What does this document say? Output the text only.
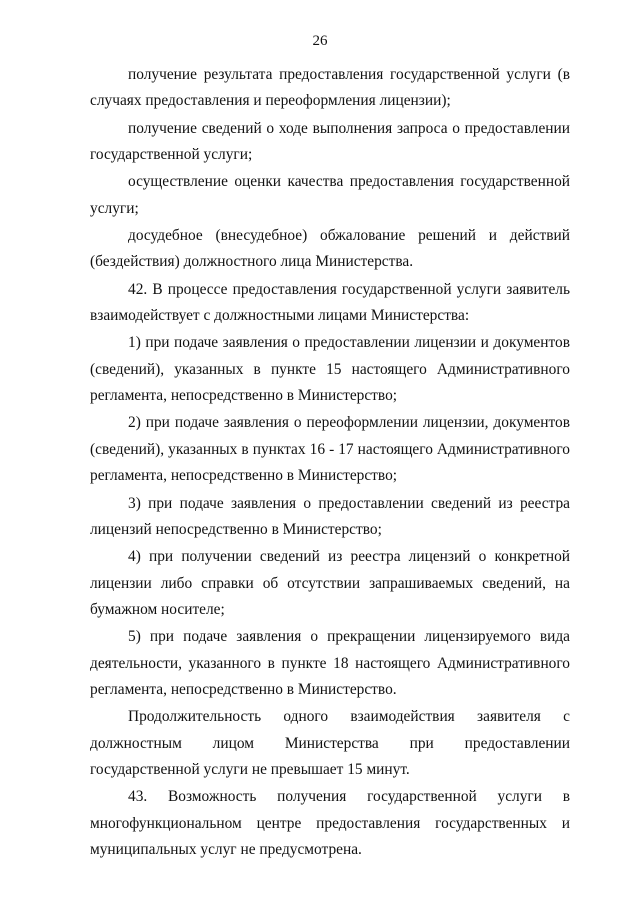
26

получение результата предоставления государственной услуги (в случаях предоставления и переоформления лицензии);

получение сведений о ходе выполнения запроса о предоставлении государственной услуги;

осуществление оценки качества предоставления государственной услуги;

досудебное (внесудебное) обжалование решений и действий (бездействия) должностного лица Министерства.

42. В процессе предоставления государственной услуги заявитель взаимодействует с должностными лицами Министерства:

1) при подаче заявления о предоставлении лицензии и документов (сведений), указанных в пункте 15 настоящего Административного регламента, непосредственно в Министерство;

2) при подаче заявления о переоформлении лицензии, документов (сведений), указанных в пунктах 16 - 17 настоящего Административного регламента, непосредственно в Министерство;

3) при подаче заявления о предоставлении сведений из реестра лицензий непосредственно в Министерство;

4) при получении сведений из реестра лицензий о конкретной лицензии либо справки об отсутствии запрашиваемых сведений, на бумажном носителе;

5) при подаче заявления о прекращении лицензируемого вида деятельности, указанного в пункте 18 настоящего Административного регламента, непосредственно в Министерство.

Продолжительность одного взаимодействия заявителя с должностным лицом Министерства при предоставлении государственной услуги не превышает 15 минут.

43. Возможность получения государственной услуги в многофункциональном центре предоставления государственных и муниципальных услуг не предусмотрена.
